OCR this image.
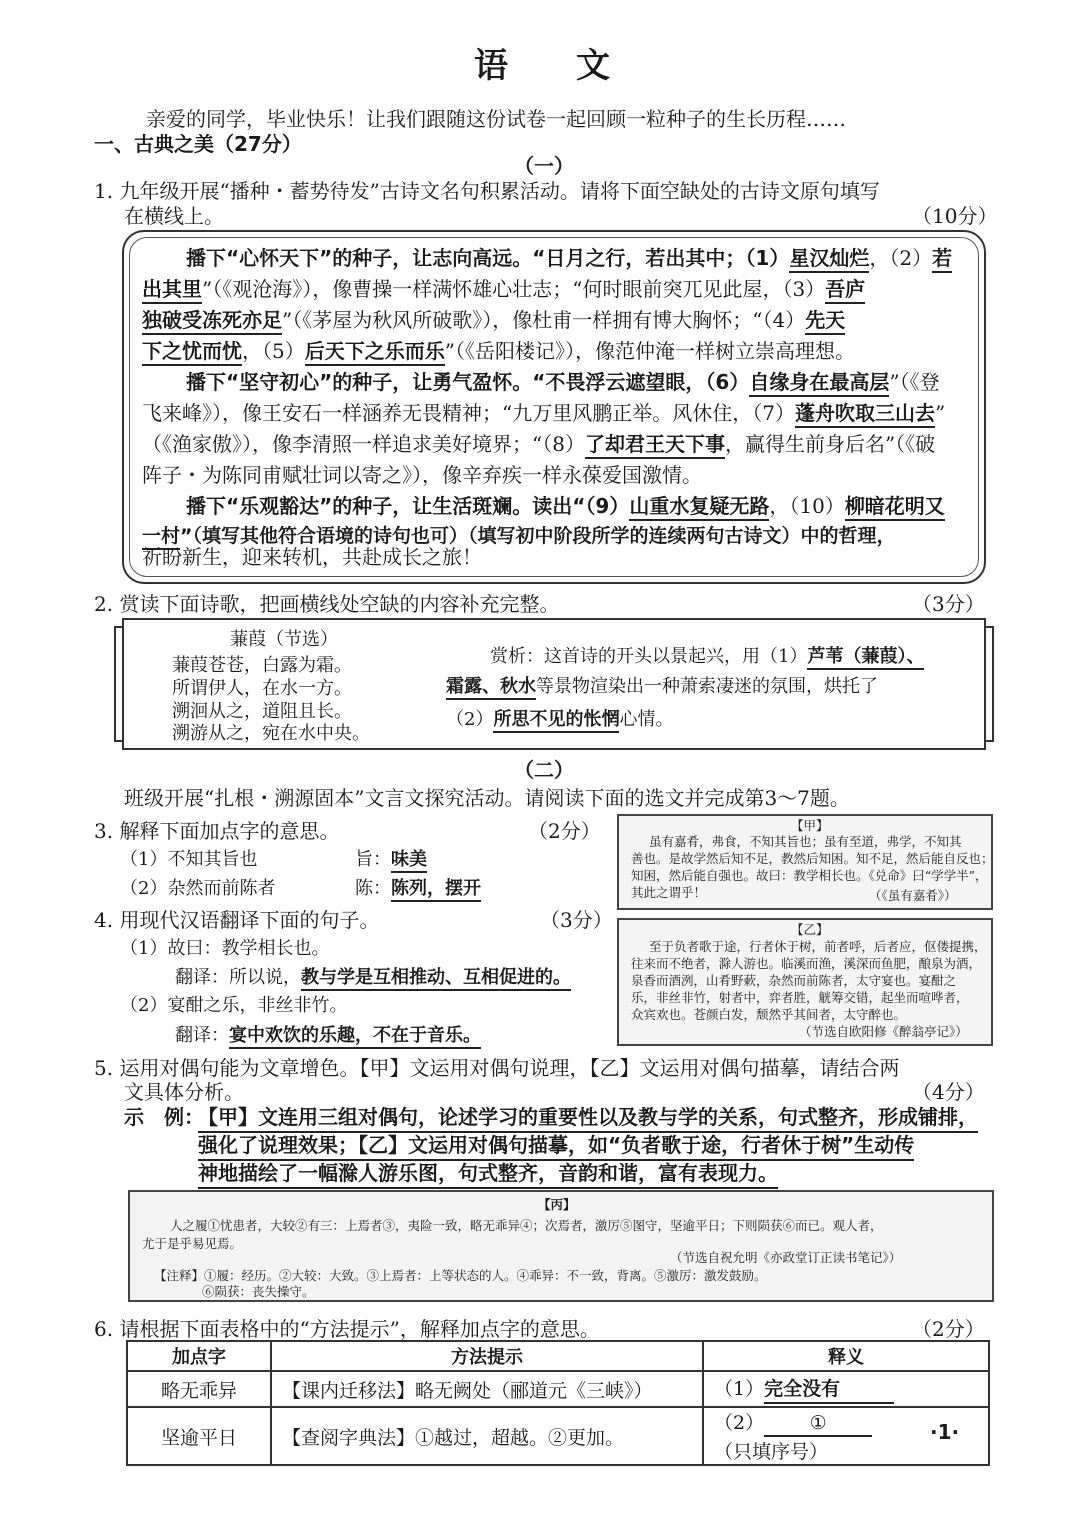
语　　文
亲爱的同学，毕业快乐！让我们跟随这份试卷一起回顾一粒种子的生长历程……
一、古典之美（27分）
（一）
1. 九年级开展“播种・蓄势待发”古诗文名句积累活动。请将下面空缺处的古诗文原句填写
在横线上。	（10分）
播下“心怀天下”的种子，让志向高远。“日月之行，若出其中；（1）星汉灿烂，（2）若
出其里”（《观沧海》），像曹操一样满怀雄心壮志；“何时眼前突兀见此屋，（3）吾庐
独破受冻死亦足”（《茅屋为秋风所破歌》），像杜甫一样拥有博大胸怀；“（4）先天
下之忧而忧，（5）后天下之乐而乐”（《岳阳楼记》），像范仲淹一样树立崇高理想。
播下“坚守初心”的种子，让勇气盈怀。“不畏浮云遮望眼，（6）自缘身在最高层”（《登
飞来峰》），像王安石一样涵养无畏精神；“九万里风鹏正举。风休住，（7）蓬舟吹取三山去”
（《渔家傲》），像李清照一样追求美好境界；“（8）了却君王天下事，赢得生前身后名”（《破
阵子・为陈同甫赋壮词以寄之》），像辛弃疾一样永葆爱国激情。
播下“乐观豁达”的种子，让生活斑斓。读出“（9）山重水复疑无路，（10）柳暗花明又
一村”（填写其他符合语境的诗句也可）（填写初中阶段所学的连续两句古诗文）中的哲理，
祈盼新生，迎来转机，共赴成长之旅！
2. 赏读下面诗歌，把画横线处空缺的内容补充完整。	（3分）
蒹葭（节选）
蒹葭苍苍，白露为霜。
所谓伊人，在水一方。
溯洄从之，道阻且长。
溯游从之，宛在水中央。
赏析：这首诗的开头以景起兴，用（1）芦苇（蒹葭）、
霜露、秋水等景物渲染出一种萧索凄迷的氛围，烘托了
（2）所思不见的怅惘心情。
（二）
班级开展“扎根・溯源固本”文言文探究活动。请阅读下面的选文并完成第3～7题。
3. 解释下面加点字的意思。	（2分）
（1）不知其旨也	旨：味美
（2）杂然而前陈者	陈：陈列，摆开
4. 用现代汉语翻译下面的句子。	（3分）
（1）故曰：教学相长也。
翻译：所以说，教与学是互相推动、互相促进的。
（2）宴酣之乐，非丝非竹。
翻译：宴中欢饮的乐趣，不在于音乐。
【甲】
虽有嘉肴，弗食，不知其旨也；虽有至道，弗学，不知其
善也。是故学然后知不足，教然后知困。知不足，然后能自反也；
知困，然后能自强也。故曰：教学相长也。《兑命》曰“学学半”，
其此之谓乎！	（《虽有嘉肴》）
【乙】
至于负者歌于途，行者休于树，前者呼，后者应，伛偻提携，
往来而不绝者，滁人游也。临溪而渔，溪深而鱼肥，酿泉为酒，
泉香而酒洌，山肴野蔌，杂然而前陈者，太守宴也。宴酣之
乐，非丝非竹，射者中，弈者胜，觥筹交错，起坐而喧哗者，
众宾欢也。苍颜白发，颓然乎其间者，太守醉也。
（节选自欧阳修《醉翁亭记》）
5. 运用对偶句能为文章增色。【甲】文运用对偶句说理，【乙】文运用对偶句描摹，请结合两
文具体分析。	（4分）
示　例：
【甲】文连用三组对偶句，论述学习的重要性以及教与学的关系，句式整齐，形成铺排，
强化了说理效果；【乙】文运用对偶句描摹，如“负者歌于途，行者休于树”生动传
神地描绘了一幅滁人游乐图，句式整齐，音韵和谐，富有表现力。
【丙】
人之履①忧患者，大较②有三：上焉者③，夷险一致，略无乖异④；次焉者，激厉⑤图守，坚逾平日；下则陨获⑥而已。观人者，
尤于是乎易见焉。
（节选自祝允明《亦政堂订正读书笔记》）
【注释】①履：经历。②大较：大致。③上焉者：上等状态的人。④乖异：不一致，背离。⑤激厉：激发鼓励。
⑥陨获：丧失操守。
6. 请根据下面表格中的“方法提示”，解释加点字的意思。	（2分）
加点字	方法提示	释义
略无乖异	【课内迁移法】略无阙处（郦道元《三峡》）	（1）完全没有
坚逾平日	【查阅字典法】①越过，超越。②更加。	（2） ①（只填序号）
·1·
